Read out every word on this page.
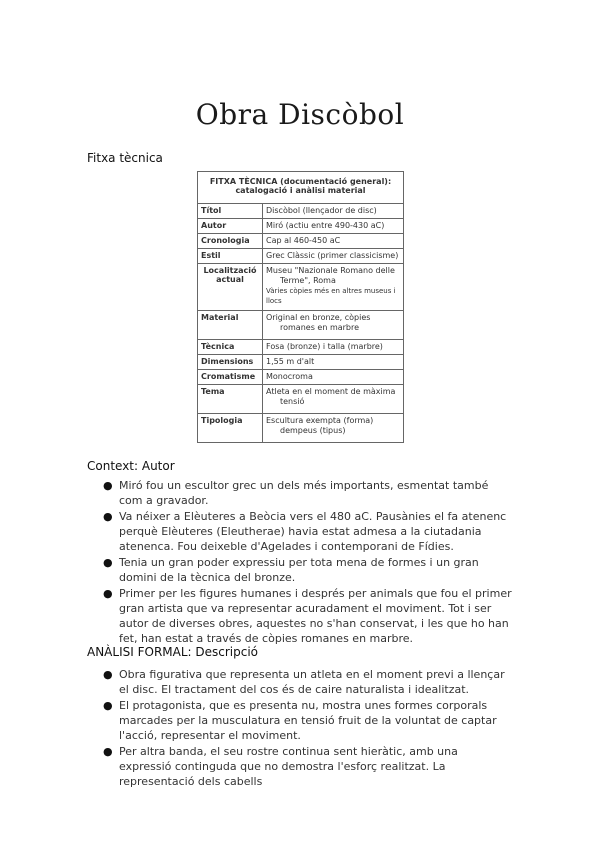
Obra Discòbol
Fitxa tècnica
FITXA TÈCNICA (documentació general):
catalogació i anàlisi material	
Títol	Discòbol (llençador de disc)
Autor	Miró (actiu entre 490-430 aC)
Cronologia	Cap al 460-450 aC
Estil	Grec Clàssic (primer classicisme)
Localització actual	Museu "Nazionale Romano delle
Terme", Roma
Vàries còpies més en altres museus i llocs
Material	Original en bronze, còpies
romanes en marbre

Tècnica	Fosa (bronze) i talla (marbre)
Dimensions	1,55 m d'alt
Cromatisme	Monocroma
Tema	Atleta en el moment de màxima
tensió

Tipologia	Escultura exempta (forma)
dempeus (tipus)
Context: Autor
● Miró fou un escultor grec un dels més importants, esmentat també com a gravador.
● Va néixer a Elèuteres a Beòcia vers el 480 aC. Pausànies el fa atenenc perquè Elèuteres (Eleutherae) havia estat admesa a la ciutadania atenenca. Fou deixeble d'Agelades i contemporani de Fídies.
● Tenia un gran poder expressiu per tota mena de formes i un gran domini de la tècnica del bronze.
● Primer per les figures humanes i després per animals que fou el primer gran artista que va representar acuradament el moviment. Tot i ser autor de diverses obres, aquestes no s'han conservat, i les que ho han fet, han estat a través de còpies romanes en marbre.
ANÀLISI FORMAL: Descripció
● Obra figurativa que representa un atleta en el moment previ a llençar el disc. El tractament del cos és de caire naturalista i idealitzat.
● El protagonista, que es presenta nu, mostra unes formes corporals marcades per la musculatura en tensió fruit de la voluntat de captar l'acció, representar el moviment.
● Per altra banda, el seu rostre continua sent hieràtic, amb una expressió continguda que no demostra l'esforç realitzat. La representació dels cabells
